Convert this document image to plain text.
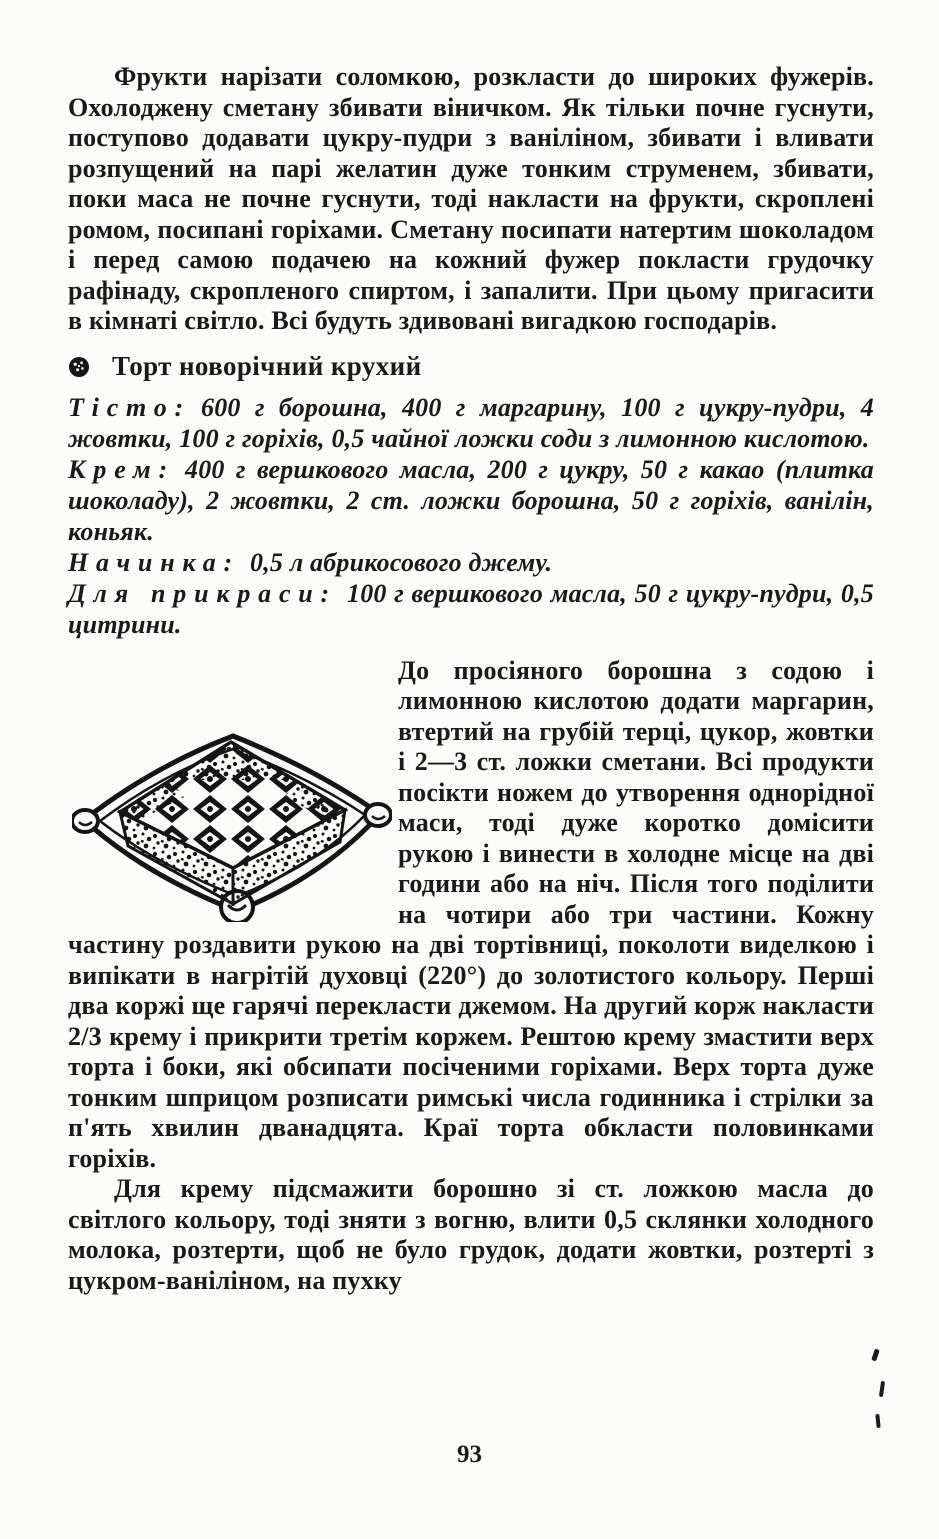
Фрукти нарізати соломкою, розкласти до широких фужерів. Охолоджену сметану збивати віничком. Як тільки почне гуснути, поступово додавати цукру-пудри з ваніліном, збивати і вливати розпущений на парі желатин дуже тонким струменем, збивати, поки маса не почне гуснути, тоді накласти на фрукти, скроплені ромом, посипані горіхами. Сметану посипати натертим шоколадом і перед самою подачею на кожний фужер покласти грудочку рафінаду, скропленого спиртом, і запалити. При цьому пригасити в кімнаті світло. Всі будуть здивовані вигадкою господарів.

Торт новорічний крухий

Тісто: 600 г борошна, 400 г маргарину, 100 г цукру-пудри, 4 жовтки, 100 г горіхів, 0,5 чайної ложки соди з лимонною кислотою.

Крем: 400 г вершкового масла, 200 г цукру, 50 г какао (плитка шоколаду), 2 жовтки, 2 ст. ложки борошна, 50 г горіхів, ванілін, коньяк.

Начинка: 0,5 л абрикосового джему.

Для прикраси: 100 г вершкового масла, 50 г цукру-пудри, 0,5 цитрини.

До просіяного борошна з содою і лимонною кислотою додати маргарин, втертий на грубій терці, цукор, жовтки і 2—3 ст. ложки сметани. Всі продукти посікти ножем до утворення однорідної маси, тоді дуже коротко домісити рукою і винести в холодне місце на дві години або на ніч. Після того поділити на чотири або три частини. Кожну частину роздавити рукою на дві тортівниці, поколоти виделкою і випікати в нагрітій духовці (220°) до золотистого кольору. Перші два коржі ще гарячі перекласти джемом. На другий корж накласти 2/3 крему і прикрити третім коржем. Рештою крему змастити верх торта і боки, які обсипати посіченими горіхами. Верх торта дуже тонким шприцом розписати римські числа годинника і стрілки за п'ять хвилин дванадцята. Краї торта обкласти половинками горіхів.

Для крему підсмажити борошно зі ст. ложкою масла до світлого кольору, тоді зняти з вогню, влити 0,5 склянки холодного молока, розтерти, щоб не було грудок, додати жовтки, розтерті з цукром-ваніліном, на пухку

93
